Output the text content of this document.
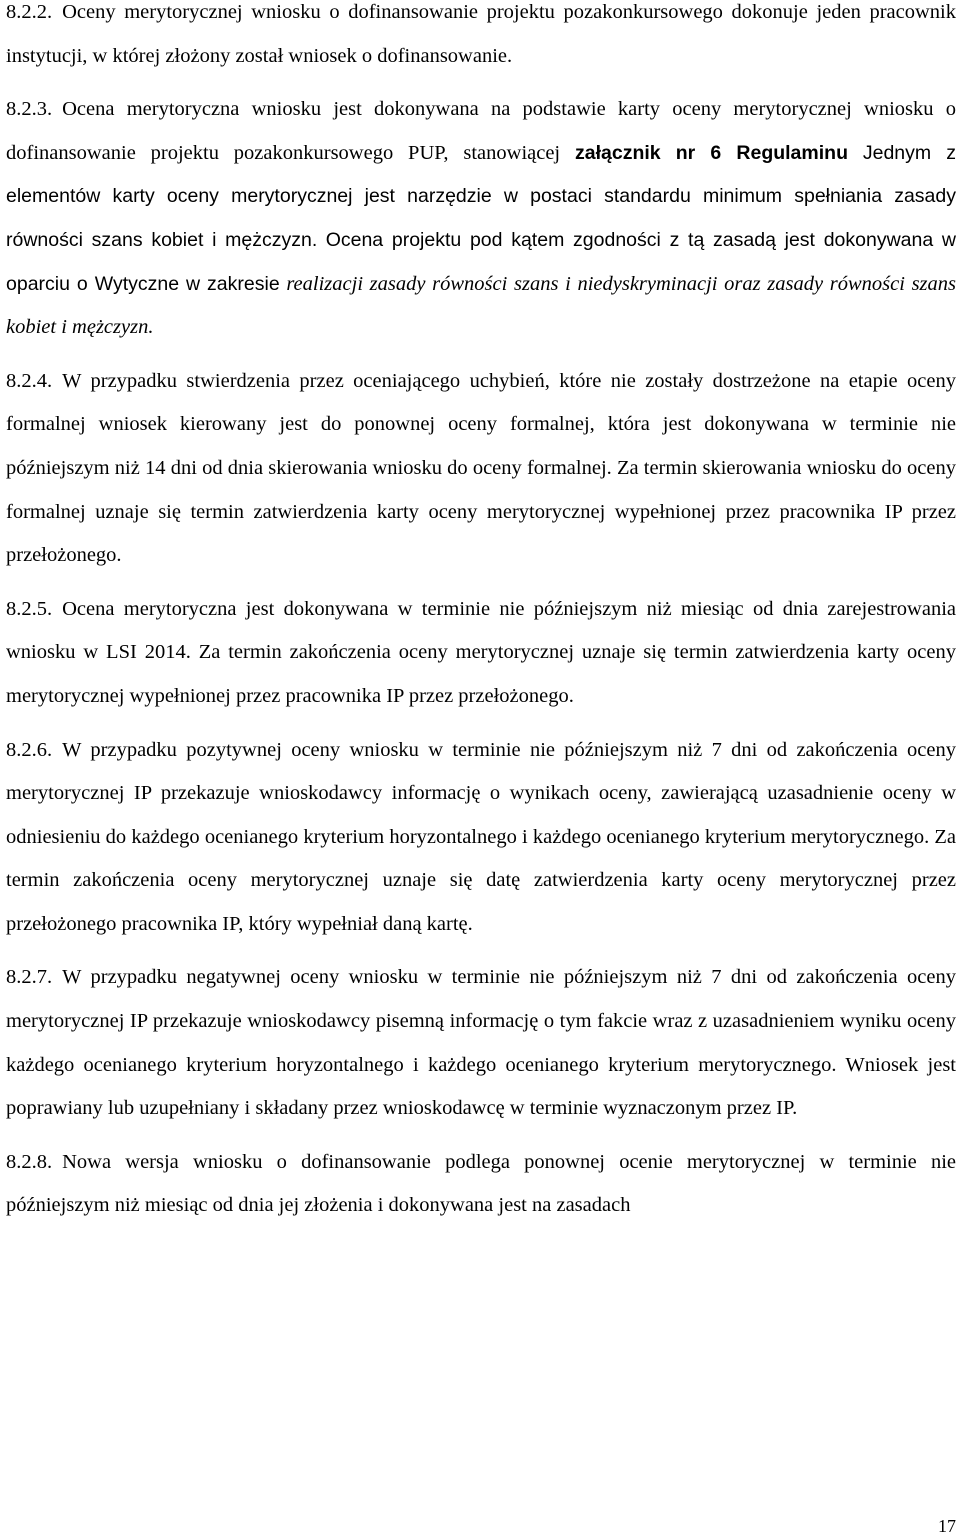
8.2.2. Oceny merytorycznej wniosku o dofinansowanie projektu pozakonkursowego dokonuje jeden pracownik instytucji, w której złożony został wniosek o dofinansowanie.

8.2.3. Ocena merytoryczna wniosku jest dokonywana na podstawie karty oceny merytorycznej wniosku o dofinansowanie projektu pozakonkursowego PUP, stanowiącej załącznik nr 6 Regulaminu Jednym z elementów karty oceny merytorycznej jest narzędzie w postaci standardu minimum spełniania zasady równości szans kobiet i mężczyzn. Ocena projektu pod kątem zgodności z tą zasadą jest dokonywana w oparciu o Wytyczne w zakresie realizacji zasady równości szans i niedyskryminacji oraz zasady równości szans kobiet i mężczyzn.

8.2.4. W przypadku stwierdzenia przez oceniającego uchybień, które nie zostały dostrzeżone na etapie oceny formalnej wniosek kierowany jest do ponownej oceny formalnej, która jest dokonywana w terminie nie późniejszym niż 14 dni od dnia skierowania wniosku do oceny formalnej. Za termin skierowania wniosku do oceny formalnej uznaje się termin zatwierdzenia karty oceny merytorycznej wypełnionej przez pracownika IP przez przełożonego.

8.2.5. Ocena merytoryczna jest dokonywana w terminie nie późniejszym niż miesiąc od dnia zarejestrowania wniosku w LSI 2014. Za termin zakończenia oceny merytorycznej uznaje się termin zatwierdzenia karty oceny merytorycznej wypełnionej przez pracownika IP przez przełożonego.

8.2.6. W przypadku pozytywnej oceny wniosku w terminie nie późniejszym niż 7 dni od zakończenia oceny merytorycznej IP przekazuje wnioskodawcy informację o wynikach oceny, zawierającą uzasadnienie oceny w odniesieniu do każdego ocenianego kryterium horyzontalnego i każdego ocenianego kryterium merytorycznego. Za termin zakończenia oceny merytorycznej uznaje się datę zatwierdzenia karty oceny merytorycznej przez przełożonego pracownika IP, który wypełniał daną kartę.

8.2.7. W przypadku negatywnej oceny wniosku w terminie nie późniejszym niż 7 dni od zakończenia oceny merytorycznej IP przekazuje wnioskodawcy pisemną informację o tym fakcie wraz z uzasadnieniem wyniku oceny każdego ocenianego kryterium horyzontalnego i każdego ocenianego kryterium merytorycznego. Wniosek jest poprawiany lub uzupełniany i składany przez wnioskodawcę w terminie wyznaczonym przez IP.

8.2.8. Nowa wersja wniosku o dofinansowanie podlega ponownej ocenie merytorycznej w terminie nie późniejszym niż miesiąc od dnia jej złożenia i dokonywana jest na zasadach

17
